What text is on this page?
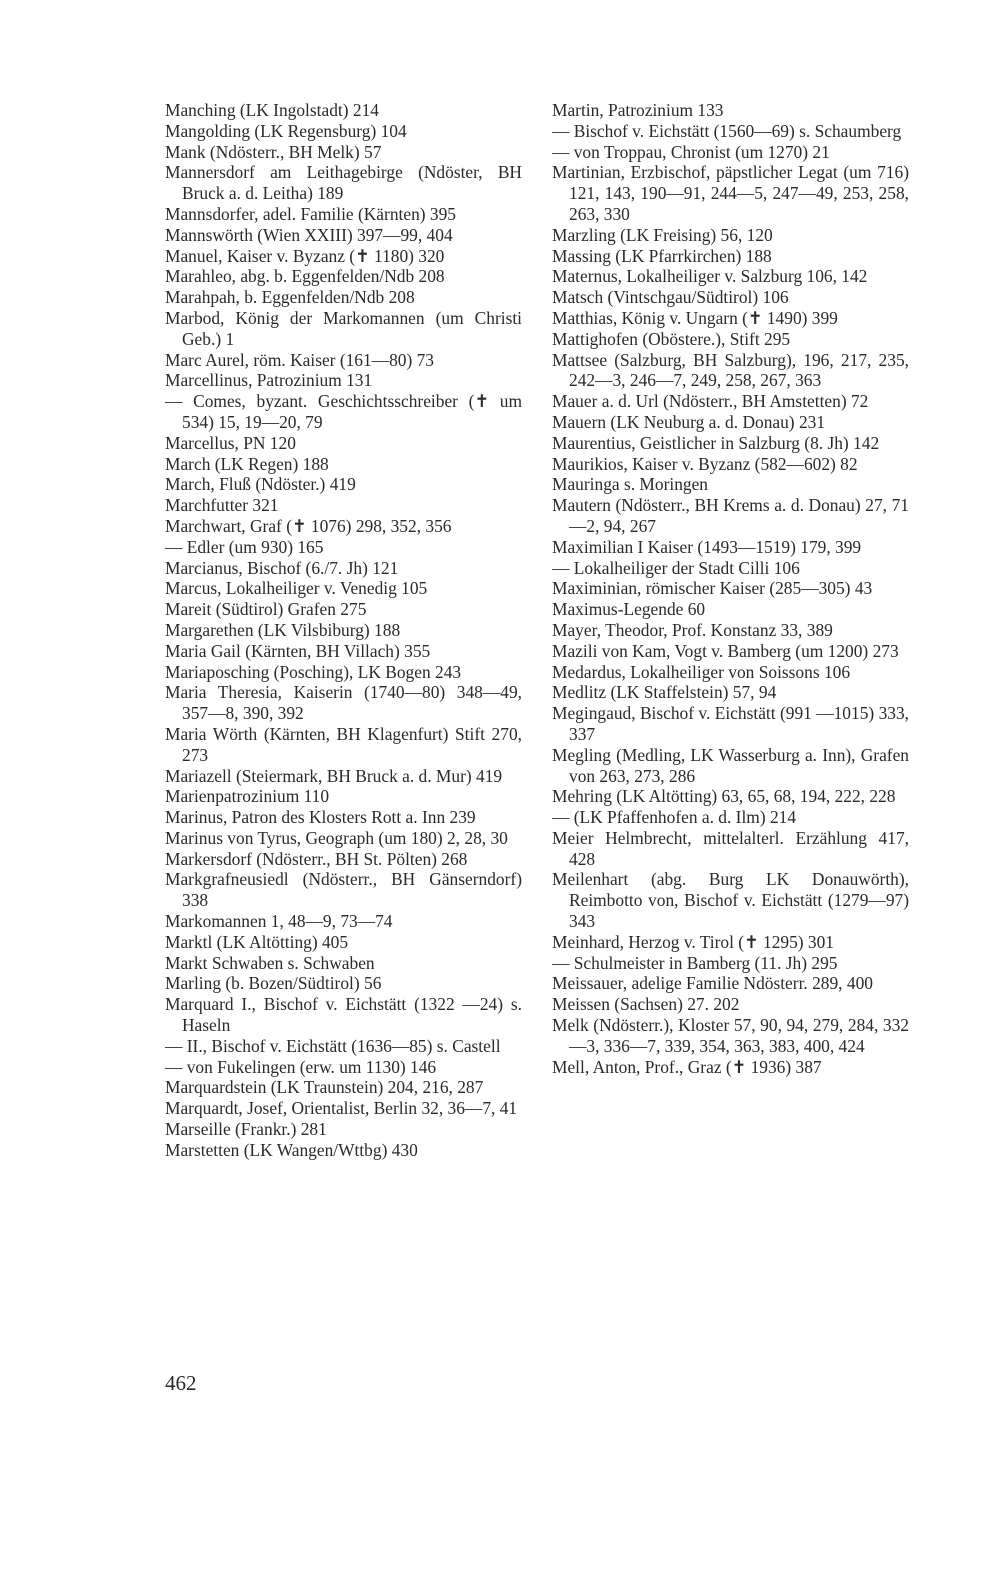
Manching (LK Ingolstadt) 214
Mangolding (LK Regensburg) 104
Mank (Ndösterr., BH Melk) 57
Mannersdorf am Leithagebirge (Ndöster, BH Bruck a. d. Leitha) 189
Mannsdorfer, adel. Familie (Kärnten) 395
Mannswörth (Wien XXIII) 397—99, 404
Manuel, Kaiser v. Byzanz (✝ 1180) 320
Marahleo, abg. b. Eggenfelden/Ndb 208
Marahpah, b. Eggenfelden/Ndb 208
Marbod, König der Markomannen (um Christi Geb.) 1
Marc Aurel, röm. Kaiser (161—80) 73
Marcellinus, Patrozinium 131
— Comes, byzant. Geschichtsschreiber (✝ um 534) 15, 19—20, 79
Marcellus, PN 120
March (LK Regen) 188
March, Fluß (Ndöster.) 419
Marchfutter 321
Marchwart, Graf (✝ 1076) 298, 352, 356
— Edler (um 930) 165
Marcianus, Bischof (6./7. Jh) 121
Marcus, Lokalheiliger v. Venedig 105
Mareit (Südtirol) Grafen 275
Margarethen (LK Vilsbiburg) 188
Maria Gail (Kärnten, BH Villach) 355
Mariaposching (Posching), LK Bogen 243
Maria Theresia, Kaiserin (1740—80) 348—49, 357—8, 390, 392
Maria Wörth (Kärnten, BH Klagenfurt) Stift 270, 273
Mariazell (Steiermark, BH Bruck a. d. Mur) 419
Marienpatrozinium 110
Marinus, Patron des Klosters Rott a. Inn 239
Marinus von Tyrus, Geograph (um 180) 2, 28, 30
Markersdorf (Ndösterr., BH St. Pölten) 268
Markgrafneusiedl (Ndösterr., BH Gänserndorf) 338
Markomannen 1, 48—9, 73—74
Marktl (LK Altötting) 405
Markt Schwaben s. Schwaben
Marling (b. Bozen/Südtirol) 56
Marquard I., Bischof v. Eichstätt (1322 —24) s. Haseln
— II., Bischof v. Eichstätt (1636—85) s. Castell
— von Fukelingen (erw. um 1130) 146
Marquardstein (LK Traunstein) 204, 216, 287
Marquardt, Josef, Orientalist, Berlin 32, 36—7, 41
Marseille (Frankr.) 281
Marstetten (LK Wangen/Wttbg) 430
Martin, Patrozinium 133
— Bischof v. Eichstätt (1560—69) s. Schaumberg
— von Troppau, Chronist (um 1270) 21
Martinian, Erzbischof, päpstlicher Legat (um 716) 121, 143, 190—91, 244—5, 247—49, 253, 258, 263, 330
Marzling (LK Freising) 56, 120
Massing (LK Pfarrkirchen) 188
Maternus, Lokalheiliger v. Salzburg 106, 142
Matsch (Vintschgau/Südtirol) 106
Matthias, König v. Ungarn (✝ 1490) 399
Mattighofen (Oböstere.), Stift 295
Mattsee (Salzburg, BH Salzburg), 196, 217, 235, 242—3, 246—7, 249, 258, 267, 363
Mauer a. d. Url (Ndösterr., BH Amstetten) 72
Mauern (LK Neuburg a. d. Donau) 231
Maurentius, Geistlicher in Salzburg (8. Jh) 142
Maurikios, Kaiser v. Byzanz (582—602) 82
Mauringa s. Moringen
Mautern (Ndösterr., BH Krems a. d. Donau) 27, 71—2, 94, 267
Maximilian I Kaiser (1493—1519) 179, 399
— Lokalheiliger der Stadt Cilli 106
Maximinian, römischer Kaiser (285—305) 43
Maximus-Legende 60
Mayer, Theodor, Prof. Konstanz 33, 389
Mazili von Kam, Vogt v. Bamberg (um 1200) 273
Medardus, Lokalheiliger von Soissons 106
Medlitz (LK Staffelstein) 57, 94
Megingaud, Bischof v. Eichstätt (991 —1015) 333, 337
Megling (Medling, LK Wasserburg a. Inn), Grafen von 263, 273, 286
Mehring (LK Altötting) 63, 65, 68, 194, 222, 228
— (LK Pfaffenhofen a. d. Ilm) 214
Meier Helmbrecht, mittelalterl. Erzählung 417, 428
Meilenhart (abg. Burg LK Donauwörth), Reimbotto von, Bischof v. Eichstätt (1279—97) 343
Meinhard, Herzog v. Tirol (✝ 1295) 301
— Schulmeister in Bamberg (11. Jh) 295
Meissauer, adelige Familie Ndösterr. 289, 400
Meissen (Sachsen) 27. 202
Melk (Ndösterr.), Kloster 57, 90, 94, 279, 284, 332—3, 336—7, 339, 354, 363, 383, 400, 424
Mell, Anton, Prof., Graz (✝ 1936) 387
462
